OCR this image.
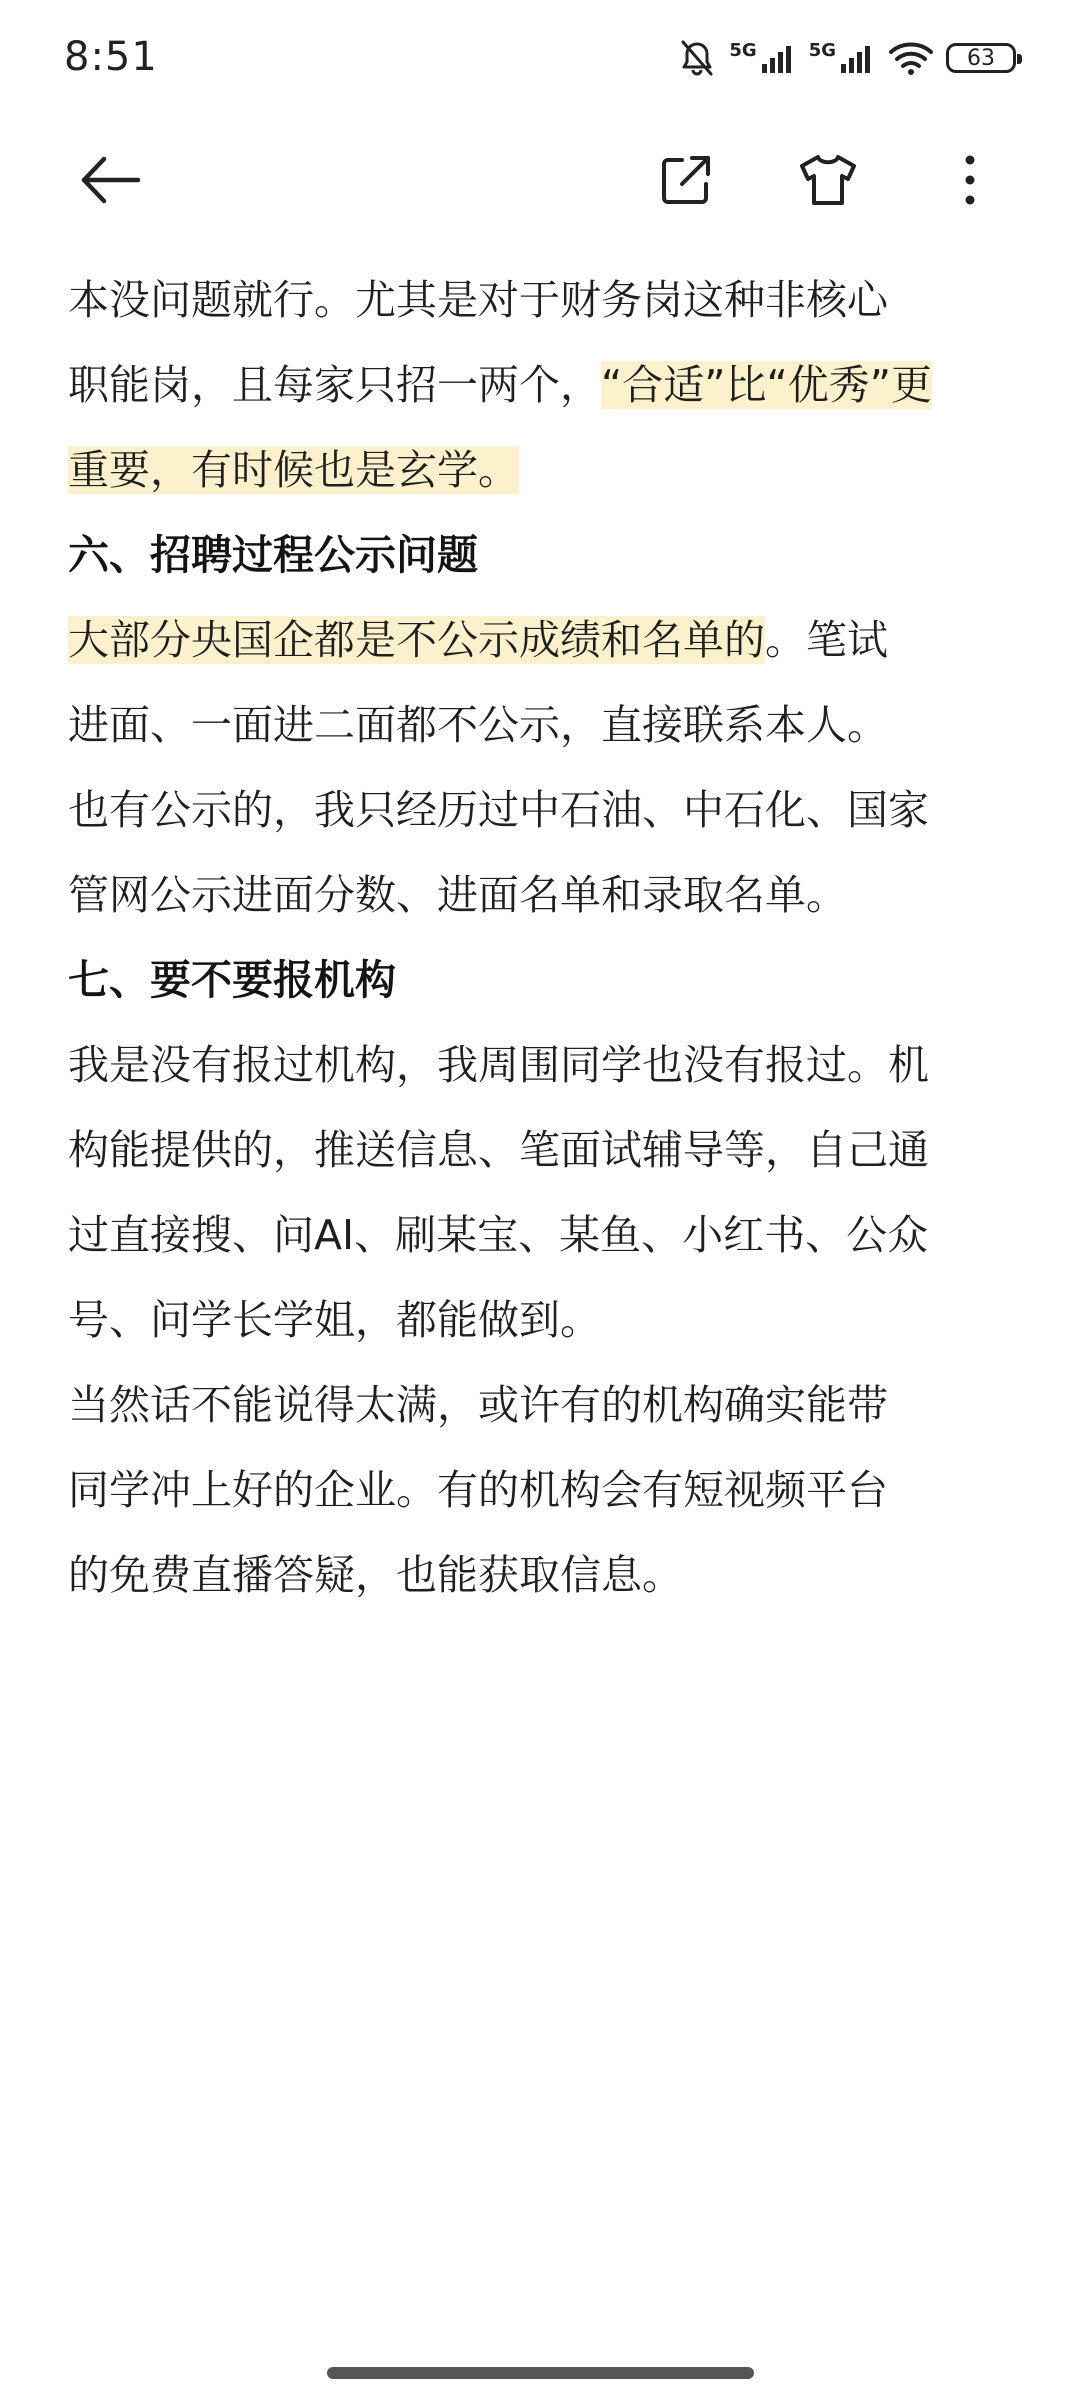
8:51	5G	5G	63
本没问题就行。尤其是对于财务岗这种非核心
职能岗，且每家只招一两个，“合适”比“优秀”更
重要，有时候也是玄学。
六、招聘过程公示问题
大部分央国企都是不公示成绩和名单的。笔试
进面、一面进二面都不公示，直接联系本人。
也有公示的，我只经历过中石油、中石化、国家
管网公示进面分数、进面名单和录取名单。
七、要不要报机构
我是没有报过机构，我周围同学也没有报过。机
构能提供的，推送信息、笔面试辅导等，自己通
过直接搜、问AI、刷某宝、某鱼、小红书、公众
号、问学长学姐，都能做到。
当然话不能说得太满，或许有的机构确实能带
同学冲上好的企业。有的机构会有短视频平台
的免费直播答疑，也能获取信息。
